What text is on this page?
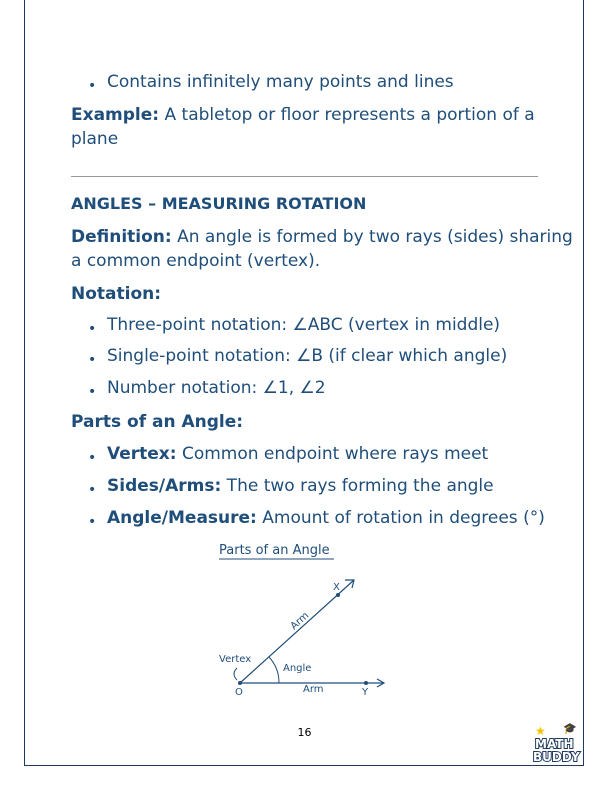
• Contains infinitely many points and lines
Example: A tabletop or floor represents a portion of a
plane
ANGLES – MEASURING ROTATION
Definition: An angle is formed by two rays (sides) sharing
a common endpoint (vertex).
Notation:
• Three-point notation: ∠ABC (vertex in middle)
• Single-point notation: ∠B (if clear which angle)
• Number notation: ∠1, ∠2
Parts of an Angle:
• Vertex: Common endpoint where rays meet
• Sides/Arms: The two rays forming the angle
• Angle/Measure: Amount of rotation in degrees (°)
Parts of an Angle
Vertex
Angle
Arm
Arm
O
X
Y
16	★ 🎓
MATH
BUDDY
